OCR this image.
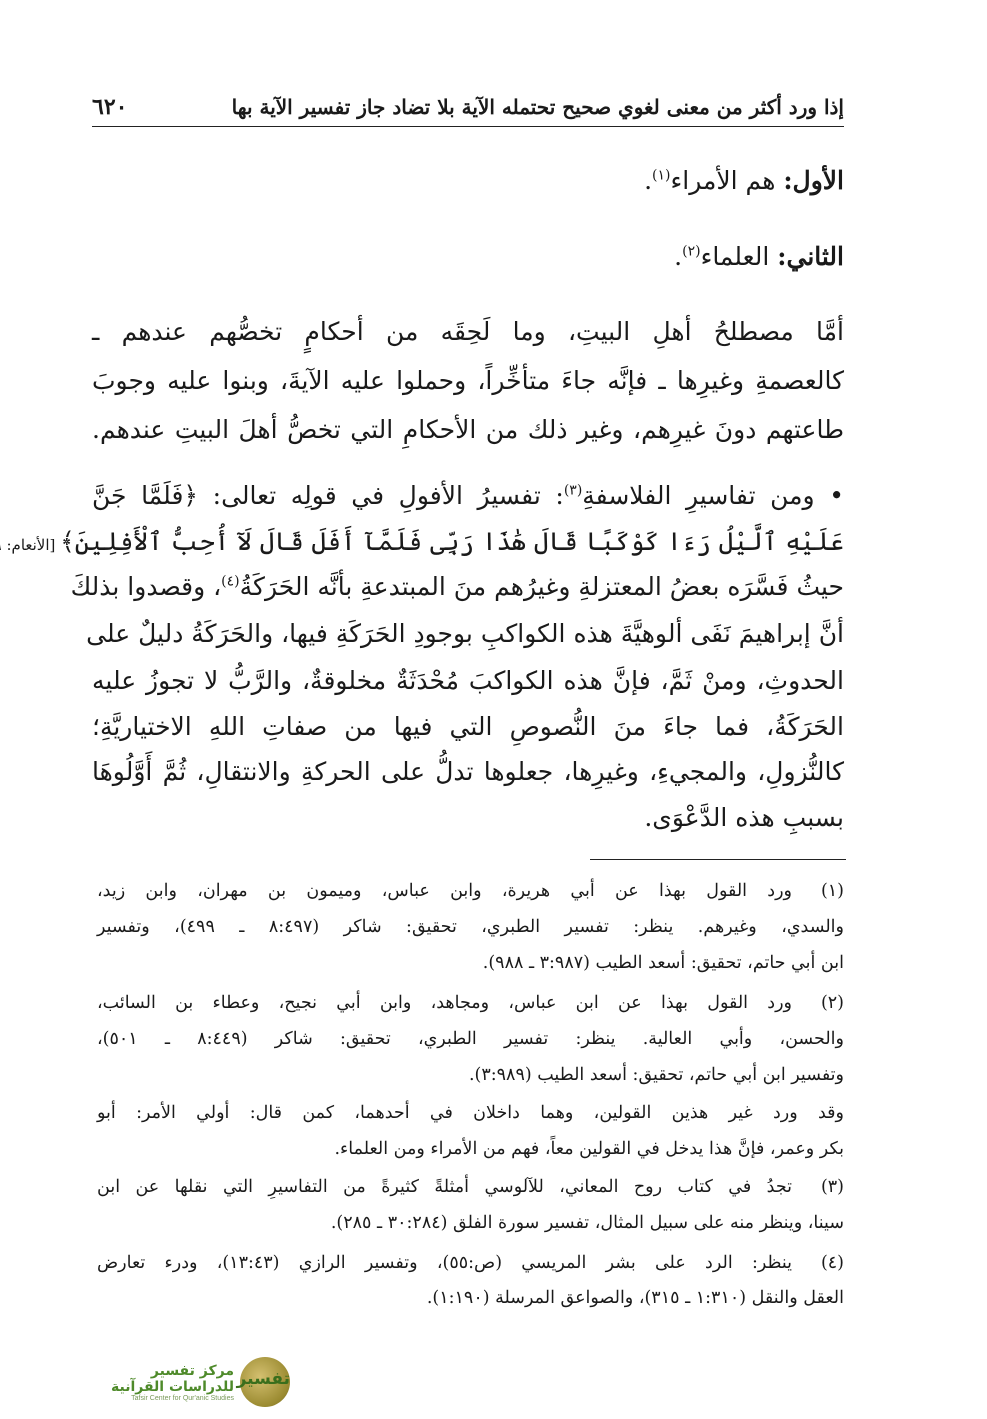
إذا ورد أكثر من معنى لغوي صحيح تحتمله الآية بلا تضاد جاز تفسير الآية بها
٦٢٠
الأول: هم الأمراء$^{(١)}$.
الثاني: العلماء$^{(٢)}$.
أمَّا مصطلحُ أهلِ البيتِ، وما لَحِقَه من أحكامٍ تخصُّهم عندهم ـ
كالعصمةِ وغيرِها ـ فإنَّه جاءَ متأخِّراً، وحملوا عليه الآيةَ، وبنوا عليه وجوبَ
طاعتهم دونَ غيرِهم، وغير ذلك من الأحكامِ التي تخصُّ أهلَ البيتِ عندهم.
• ومن تفاسيرِ الفلاسفةِ$^{(٣)}$: تفسيرُ الأفولِ في قولِه تعالى: ﴿فَلَمَّا جَنَّ
عَلَيْهِ ٱلَّيْلُ رَءَا كَوْكَبًا قَالَ هَٰذَا رَبِّى فَلَمَّآ أَفَلَ قَالَ لَآ أُحِبُّ ٱلْأَفِلِينَ﴾ [الأنعام:
حيثُ فَسَّرَه بعضُ المعتزلةِ وغيرُهم منَ المبتدعةِ بأنَّه الحَرَكَةُ$^{(٤)}$، وقصدوا بذلكَ
أنَّ إبراهيمَ نَفَى ألوهيَّةَ هذه الكواكبِ بوجودِ الحَرَكَةِ فيها، والحَرَكَةُ دليلٌ على
الحدوثِ، ومنْ ثَمَّ، فإنَّ هذه الكواكبَ مُحْدَثَةٌ مخلوقةٌ، والرَّبُّ لا تجوزُ عليه
الحَرَكَةُ، فما جاءَ منَ النُّصوصِ التي فيها من صفاتِ اللهِ الاختياريَّةِ؛
كالنُّزولِ، والمجيءِ، وغيرِها، جعلوها تدلُّ على الحركةِ والانتقالِ، ثُمَّ أَوَّلُوهَا
بسببِ هذه الدَّعْوَى.
(١)
ورد القول بهذا عن أبي هريرة، وابن عباس، وميمون بن مهران، وابن زيد،
والسدي، وغيرهم. ينظر: تفسير الطبري، تحقيق: شاكر (٨:٤٩٧ ـ ٤٩٩)، وتفسير
ابن أبي حاتم، تحقيق: أسعد الطيب (٣:٩٨٧ ـ ٩٨٨).
(٢)
ورد القول بهذا عن ابن عباس، ومجاهد، وابن أبي نجيح، وعطاء بن السائب،
والحسن، وأبي العالية. ينظر: تفسير الطبري، تحقيق: شاكر (٨:٤٤٩ ـ ٥٠١)،
وتفسير ابن أبي حاتم، تحقيق: أسعد الطيب (٣:٩٨٩).
وقد ورد غير هذين القولين، وهما داخلان في أحدهما، كمن قال: أولي الأمر: أبو
بكر وعمر، فإنَّ هذا يدخل في القولين معاً، فهم من الأمراء ومن العلماء.
(٣)
تجدُ في كتاب روح المعاني، للآلوسي أمثلةً كثيرةً من التفاسيرِ التي نقلها عن ابن
سينا، وينظر منه على سبيل المثال، تفسير سورة الفلق (٣٠:٢٨٤ ـ ٢٨٥).
(٤)
ينظر: الرد على بشر المريسي (ص:٥٥)، وتفسير الرازي (١٣:٤٣)، ودرء تعارض
العقل والنقل (١:٣١٠ ـ ٣١٥)، والصواعق المرسلة (١:١٩٠).
تفسير
مركز تفسير للدراسات القرآنية
Tafsir Center for Qur'anic Studies
